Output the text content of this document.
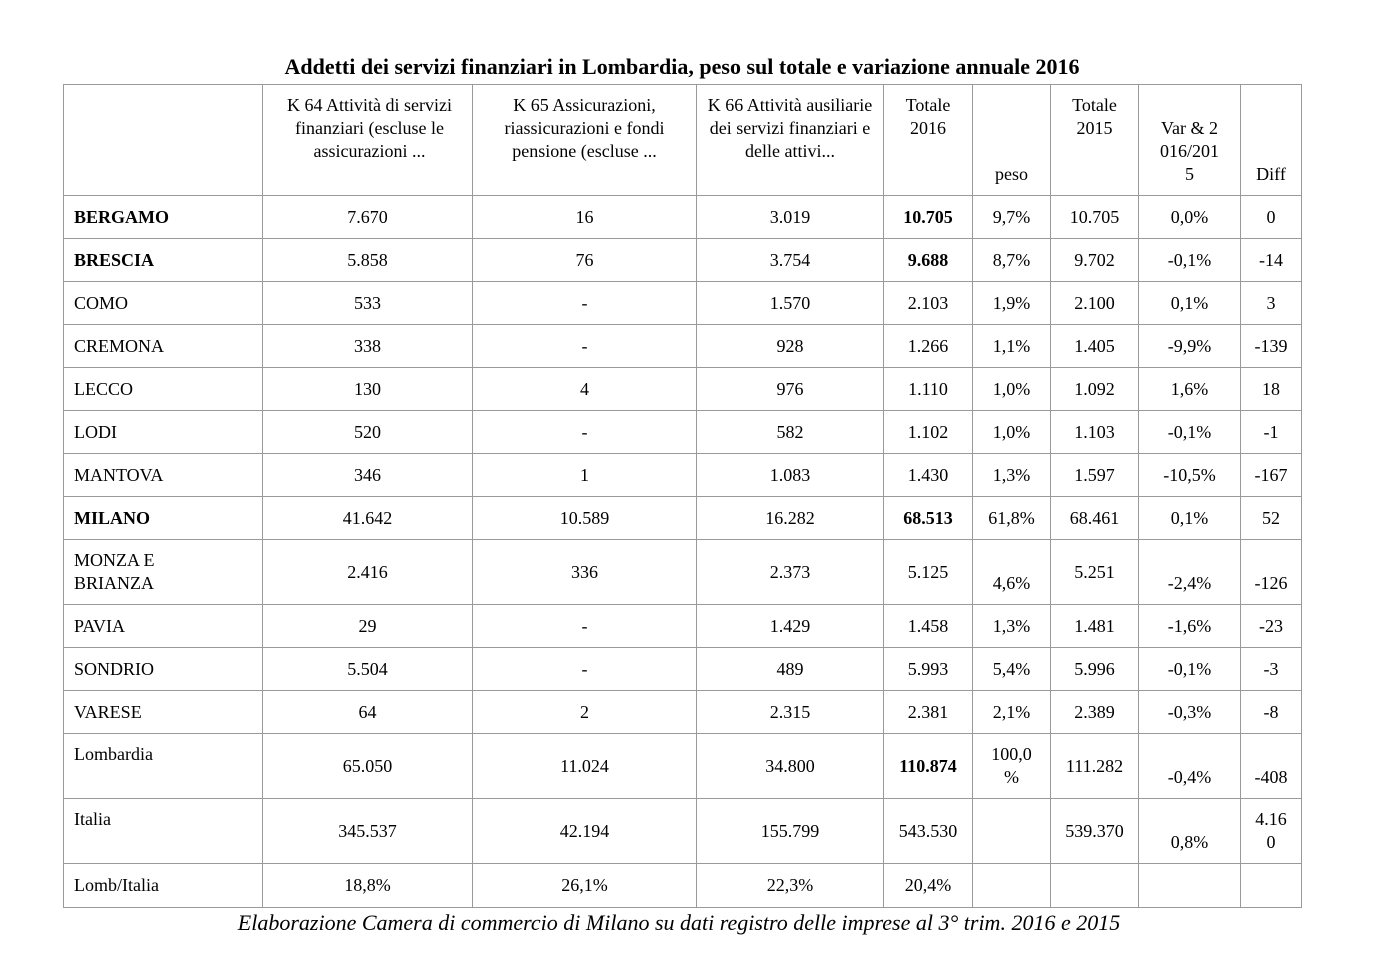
Addetti dei servizi finanziari in Lombardia, peso sul totale e variazione annuale 2016
	K 64 Attività di servizi finanziari (escluse le assicurazioni ...	K 65 Assicurazioni, riassicurazioni e fondi pensione (escluse ...	K 66 Attività ausiliarie dei servizi finanziari e delle attivi...	Totale 2016	peso	Totale 2015	Var & 2016/2015	Diff
BERGAMO	7.670	16	3.019	10.705	9,7%	10.705	0,0%	0
BRESCIA	5.858	76	3.754	9.688	8,7%	9.702	-0,1%	-14
COMO	533	-	1.570	2.103	1,9%	2.100	0,1%	3
CREMONA	338	-	928	1.266	1,1%	1.405	-9,9%	-139
LECCO	130	4	976	1.110	1,0%	1.092	1,6%	18
LODI	520	-	582	1.102	1,0%	1.103	-0,1%	-1
MANTOVA	346	1	1.083	1.430	1,3%	1.597	-10,5%	-167
MILANO	41.642	10.589	16.282	68.513	61,8%	68.461	0,1%	52
MONZA E BRIANZA	2.416	336	2.373	5.125	4,6%	5.251	-2,4%	-126
PAVIA	29	-	1.429	1.458	1,3%	1.481	-1,6%	-23
SONDRIO	5.504	-	489	5.993	5,4%	5.996	-0,1%	-3
VARESE	64	2	2.315	2.381	2,1%	2.389	-0,3%	-8
Lombardia	65.050	11.024	34.800	110.874	100,0 %	111.282	-0,4%	-408
Italia	345.537	42.194	155.799	543.530		539.370	0,8%	4.160
Lomb/Italia	18,8%	26,1%	22,3%	20,4%				
Elaborazione Camera di commercio di Milano su dati registro delle imprese al 3° trim. 2016 e 2015
